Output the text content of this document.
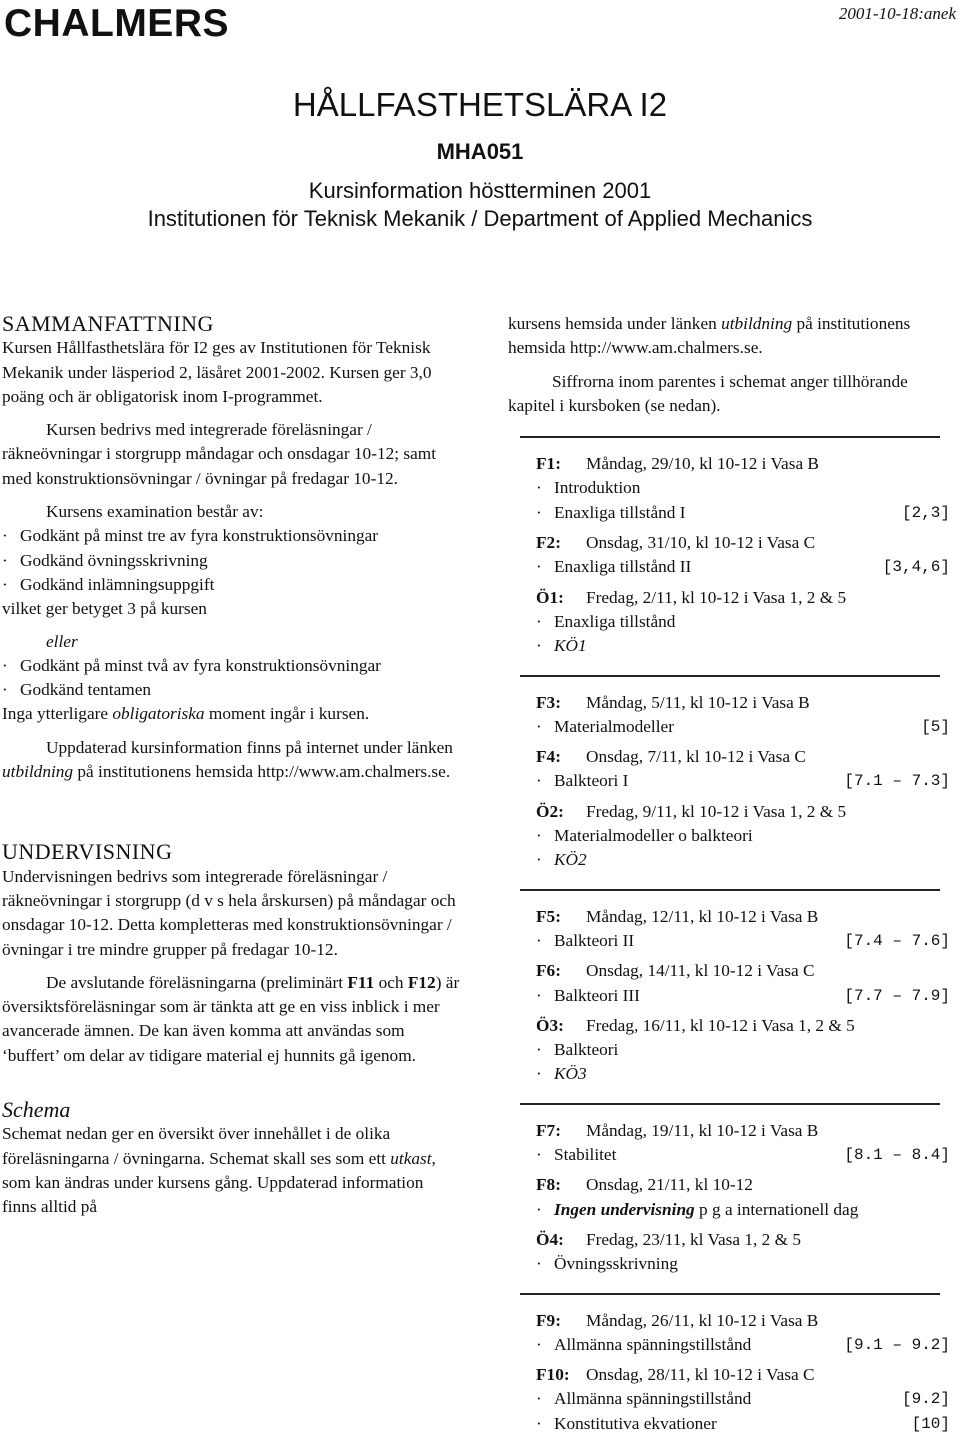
CHALMERS	2001-10-18:anek
HÅLLFASTHETSLÄRA I2
MHA051
Kursinformation höstterminen 2001
Institutionen för Teknisk Mekanik / Department of Applied Mechanics

SAMMANFATTNING

Kursen Hållfasthetslära för I2 ges av Institutionen för Teknisk Mekanik under läsperiod 2, läsåret 2001-2002. Kursen ger 3,0 poäng och är obligatorisk inom I-programmet.

Kursen bedrivs med integrerade föreläsningar / räkneövningar i storgrupp måndagar och onsdagar 10-12; samt med konstruktionsövningar / övningar på fredagar 10-12.

Kursens examination består av:

· Godkänt på minst tre av fyra konstruktionsövningar

· Godkänd övningsskrivning

· Godkänd inlämningsuppgift

vilket ger betyget 3 på kursen

eller

· Godkänt på minst två av fyra konstruktionsövningar

· Godkänd tentamen

Inga ytterligare obligatoriska moment ingår i kursen.

Uppdaterad kursinformation finns på internet under länken utbildning på institutionens hemsida http://www.am.chalmers.se.

UNDERVISNING

Undervisningen bedrivs som integrerade föreläsningar / räkneövningar i storgrupp (d v s hela årskursen) på måndagar och onsdagar 10-12. Detta kompletteras med konstruktionsövningar / övningar i tre mindre grupper på fredagar 10-12.

De avslutande föreläsningarna (preliminärt F11 och F12) är översiktsföreläsningar som är tänkta att ge en viss inblick i mer avancerade ämnen. De kan även komma att användas som ‘buffert’ om delar av tidigare material ej hunnits gå igenom.

Schema

Schemat nedan ger en översikt över innehållet i de olika föreläsningarna / övningarna. Schemat skall ses som ett utkast, som kan ändras under kursens gång. Uppdaterad information finns alltid på

kursens hemsida under länken utbildning på institutionens hemsida http://www.am.chalmers.se.

Siffrorna inom parentes i schemat anger tillhörande kapitel i kursboken (se nedan).

F1: Måndag, 29/10, kl 10-12 i Vasa B
· Introduktion
· Enaxliga tillstånd I	[2,3]
F2: Onsdag, 31/10, kl 10-12 i Vasa C
· Enaxliga tillstånd II	[3,4,6]
Ö1: Fredag, 2/11, kl 10-12 i Vasa 1, 2 & 5
· Enaxliga tillstånd
· KÖ1
F3: Måndag, 5/11, kl 10-12 i Vasa B
· Materialmodeller	[5]
F4: Onsdag, 7/11, kl 10-12 i Vasa C
· Balkteori I	[7.1 – 7.3]
Ö2: Fredag, 9/11, kl 10-12 i Vasa 1, 2 & 5
· Materialmodeller o balkteori
· KÖ2
F5: Måndag, 12/11, kl 10-12 i Vasa B
· Balkteori II	[7.4 – 7.6]
F6: Onsdag, 14/11, kl 10-12 i Vasa C
· Balkteori III	[7.7 – 7.9]
Ö3: Fredag, 16/11, kl 10-12 i Vasa 1, 2 & 5
· Balkteori
· KÖ3
F7: Måndag, 19/11, kl 10-12 i Vasa B
· Stabilitet	[8.1 – 8.4]
F8: Onsdag, 21/11, kl 10-12
· Ingen undervisning p g a internationell dag
Ö4: Fredag, 23/11, kl Vasa 1, 2 & 5
· Övningsskrivning
F9: Måndag, 26/11, kl 10-12 i Vasa B
· Allmänna spänningstillstånd	[9.1 – 9.2]
F10: Onsdag, 28/11, kl 10-12 i Vasa C
· Allmänna spänningstillstånd	[9.2]
· Konstitutiva ekvationer	[10]
